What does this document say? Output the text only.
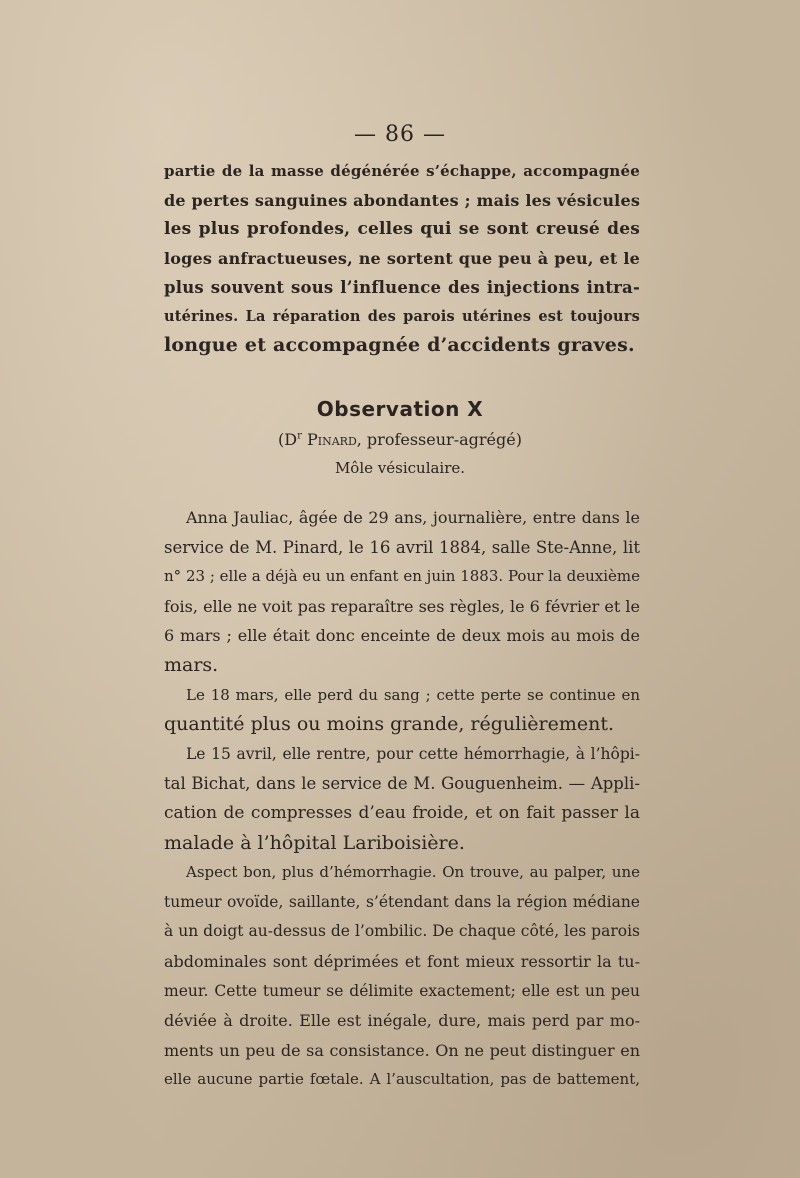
— 86 —
partie de la masse dégénérée s’échappe, accompagnée
de pertes sanguines abondantes ; mais les vésicules
les plus profondes, celles qui se sont creusé des
loges anfractueuses, ne sortent que peu à peu, et le
plus souvent sous l’influence des injections intra-
utérines. La réparation des parois utérines est toujours
longue et accompagnée d’accidents graves.
Observation X
($D^r$ Pinard, professeur-agrégé)
Môle vésiculaire.
Anna Jauliac, âgée de 29 ans, journalière, entre dans le
service de M. Pinard, le 16 avril 1884, salle Ste-Anne, lit
n° 23 ; elle a déjà eu un enfant en juin 1883. Pour la deuxième
fois, elle ne voit pas reparaître ses règles, le 6 février et le
6 mars ; elle était donc enceinte de deux mois au mois de
mars.
Le 18 mars, elle perd du sang ; cette perte se continue en
quantité plus ou moins grande, régulièrement.
Le 15 avril, elle rentre, pour cette hémorrhagie, à l’hôpi-
tal Bichat, dans le service de M. Gouguenheim. — Appli-
cation de compresses d’eau froide, et on fait passer la
malade à l’hôpital Lariboisière.
Aspect bon, plus d’hémorrhagie. On trouve, au palper, une
tumeur ovoïde, saillante, s’étendant dans la région médiane
à un doigt au-dessus de l’ombilic. De chaque côté, les parois
abdominales sont déprimées et font mieux ressortir la tu-
meur. Cette tumeur se délimite exactement; elle est un peu
déviée à droite. Elle est inégale, dure, mais perd par mo-
ments un peu de sa consistance. On ne peut distinguer en
elle aucune partie fœtale. A l’auscultation, pas de battement,
